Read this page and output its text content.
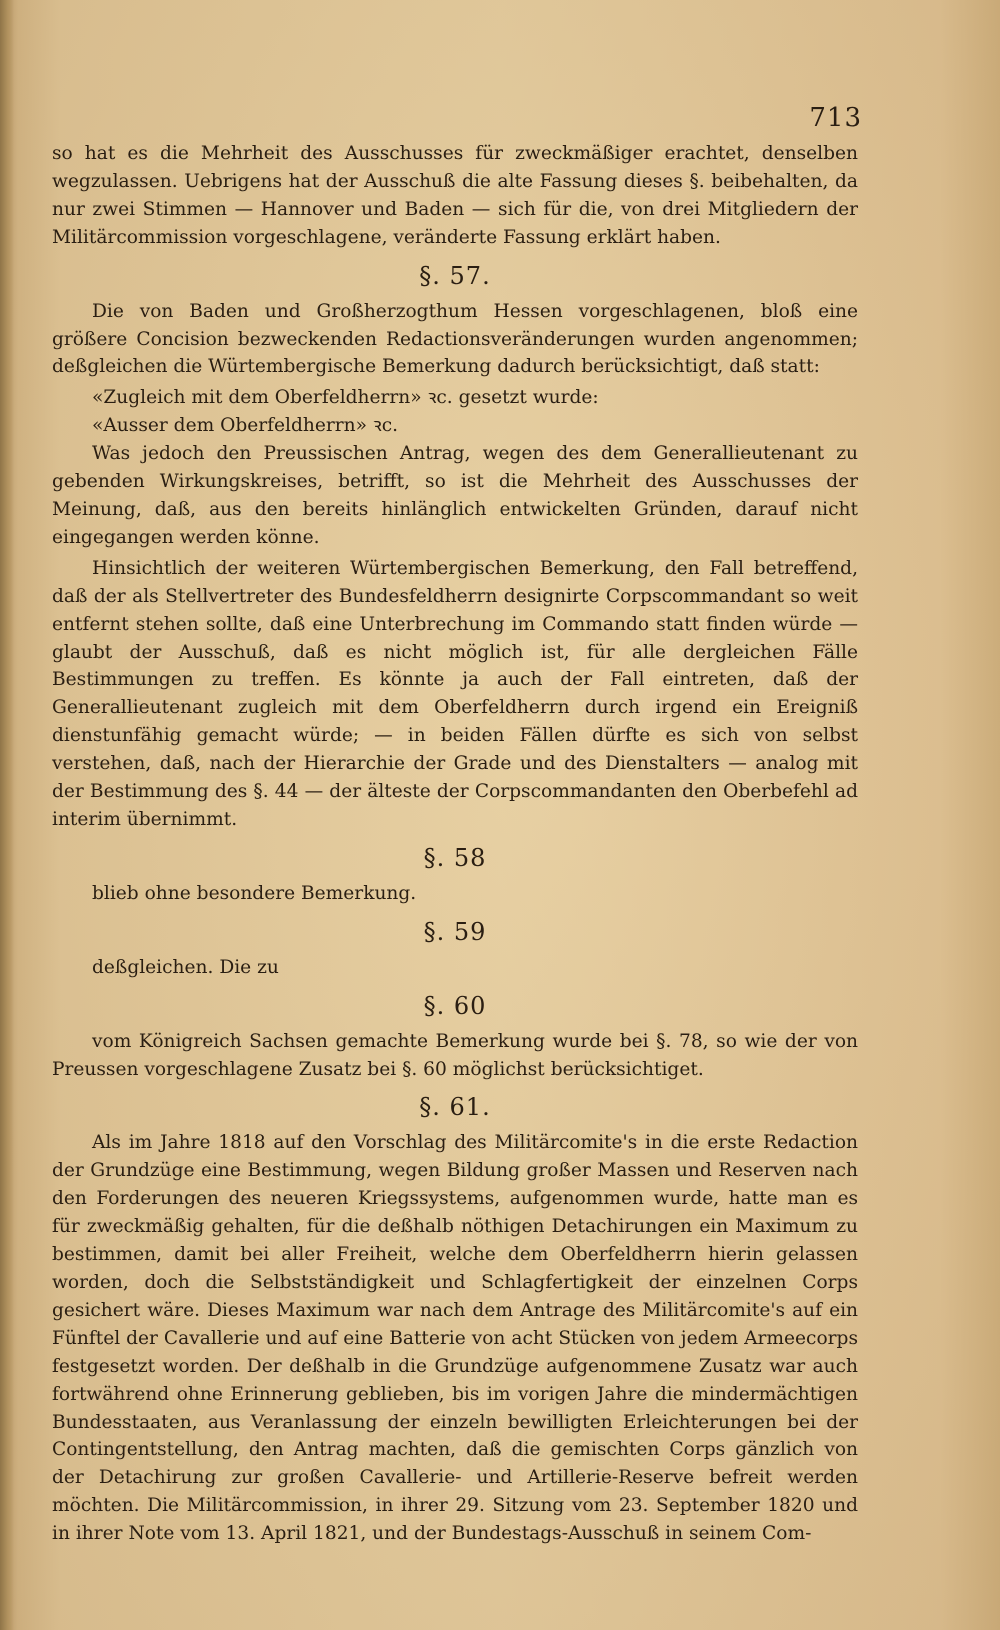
713

so hat es die Mehrheit des Ausschusses für zweckmäßiger erachtet, denselben wegzulassen. Uebrigens hat der Ausschuß die alte Fassung dieses §. beibehalten, da nur zwei Stimmen — Hannover und Baden — sich für die, von drei Mitgliedern der Militärcommission vorgeschlagene, veränderte Fassung erklärt haben.

§. 57.

Die von Baden und Großherzogthum Hessen vorgeschlagenen, bloß eine größere Concision bezweckenden Redactionsveränderungen wurden angenommen; deßgleichen die Würtembergische Bemerkung dadurch berücksichtigt, daß statt:

«Zugleich mit dem Oberfeldherrn» ꝛc. gesetzt wurde:

«Ausser dem Oberfeldherrn» ꝛc.

Was jedoch den Preussischen Antrag, wegen des dem Generallieutenant zu gebenden Wirkungskreises, betrifft, so ist die Mehrheit des Ausschusses der Meinung, daß, aus den bereits hinlänglich entwickelten Gründen, darauf nicht eingegangen werden könne.

Hinsichtlich der weiteren Würtembergischen Bemerkung, den Fall betreffend, daß der als Stellvertreter des Bundesfeldherrn designirte Corpscommandant so weit entfernt stehen sollte, daß eine Unterbrechung im Commando statt finden würde — glaubt der Ausschuß, daß es nicht möglich ist, für alle dergleichen Fälle Bestimmungen zu treffen. Es könnte ja auch der Fall eintreten, daß der Generallieutenant zugleich mit dem Oberfeldherrn durch irgend ein Ereigniß dienstunfähig gemacht würde; — in beiden Fällen dürfte es sich von selbst verstehen, daß, nach der Hierarchie der Grade und des Dienstalters — analog mit der Bestimmung des §. 44 — der älteste der Corpscommandanten den Oberbefehl ad interim übernimmt.

§. 58

blieb ohne besondere Bemerkung.

§. 59

deßgleichen. Die zu

§. 60

vom Königreich Sachsen gemachte Bemerkung wurde bei §. 78, so wie der von Preussen vorgeschlagene Zusatz bei §. 60 möglichst berücksichtiget.

§. 61.

Als im Jahre 1818 auf den Vorschlag des Militärcomite's in die erste Redaction der Grundzüge eine Bestimmung, wegen Bildung großer Massen und Reserven nach den Forderungen des neueren Kriegssystems, aufgenommen wurde, hatte man es für zweckmäßig gehalten, für die deßhalb nöthigen Detachirungen ein Maximum zu bestimmen, damit bei aller Freiheit, welche dem Oberfeldherrn hierin gelassen worden, doch die Selbstständigkeit und Schlagfertigkeit der einzelnen Corps gesichert wäre. Dieses Maximum war nach dem Antrage des Militärcomite's auf ein Fünftel der Cavallerie und auf eine Batterie von acht Stücken von jedem Armeecorps festgesetzt worden. Der deßhalb in die Grundzüge aufgenommene Zusatz war auch fortwährend ohne Erinnerung geblieben, bis im vorigen Jahre die mindermächtigen Bundesstaaten, aus Veranlassung der einzeln bewilligten Erleichterungen bei der Contingentstellung, den Antrag machten, daß die gemischten Corps gänzlich von der Detachirung zur großen Cavallerie- und Artillerie-Reserve befreit werden möchten. Die Militärcommission, in ihrer 29. Sitzung vom 23. September 1820 und in ihrer Note vom 13. April 1821, und der Bundestags-Ausschuß in seinem Com-
